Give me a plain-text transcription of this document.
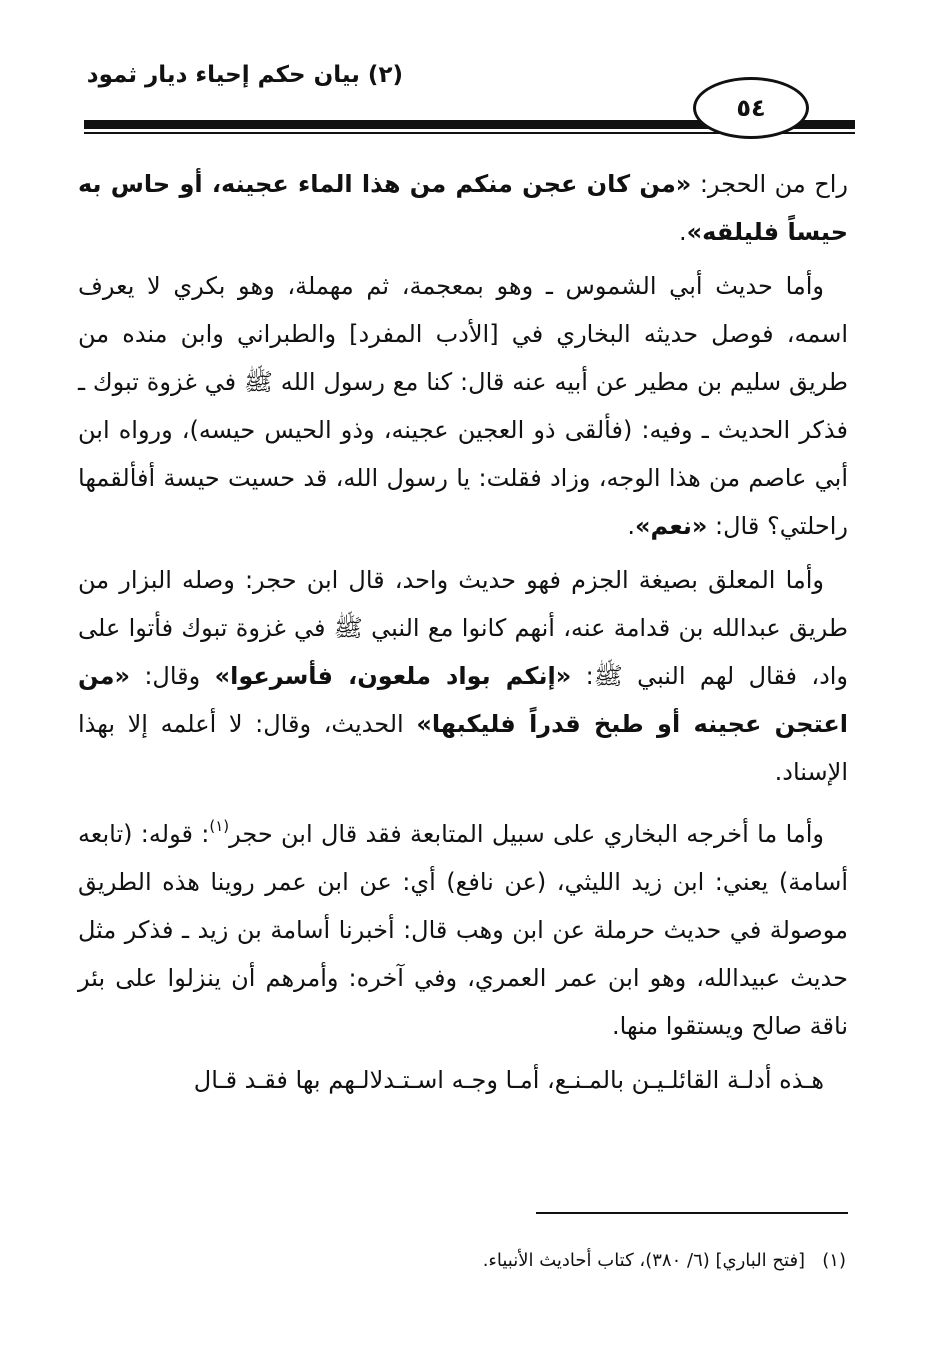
(٢) بيان حكم إحياء ديار ثمود
٥٤

راح من الحجر: «من كان عجن منكم من هذا الماء عجينه، أو حاس به حيساً فليلقه».

وأما حديث أبي الشموس ـ وهو بمعجمة، ثم مهملة، وهو بكري لا يعرف اسمه، فوصل حديثه البخاري في [الأدب المفرد] والطبراني وابن منده من طريق سليم بن مطير عن أبيه عنه قال: كنا مع رسول الله ﷺ في غزوة تبوك ـ فذكر الحديث ـ وفيه: (فألقى ذو العجين عجينه، وذو الحيس حيسه)، ورواه ابن أبي عاصم من هذا الوجه، وزاد فقلت: يا رسول الله، قد حسيت حيسة أفألقمها راحلتي؟ قال: «نعم».

وأما المعلق بصيغة الجزم فهو حديث واحد، قال ابن حجر: وصله البزار من طريق عبدالله بن قدامة عنه، أنهم كانوا مع النبي ﷺ في غزوة تبوك فأتوا على واد، فقال لهم النبي ﷺ: «إنكم بواد ملعون، فأسرعوا» وقال: «من اعتجن عجينه أو طبخ قدراً فليكبها» الحديث، وقال: لا أعلمه إلا بهذا الإسناد.

وأما ما أخرجه البخاري على سبيل المتابعة فقد قال ابن حجر$^{(١)}$: قوله: (تابعه أسامة) يعني: ابن زيد الليثي، (عن نافع) أي: عن ابن عمر روينا هذه الطريق موصولة في حديث حرملة عن ابن وهب قال: أخبرنا أسامة بن زيد ـ فذكر مثل حديث عبيدالله، وهو ابن عمر العمري، وفي آخره: وأمرهم أن ينزلوا على بئر ناقة صالح ويستقوا منها.

هـذه أدلـة القائلـيـن بالمـنـع، أمـا وجـه اسـتـدلالـهم بها فقـد قـال

(١)   [فتح الباري] (٦/ ٣٨٠)، كتاب أحاديث الأنبياء.
